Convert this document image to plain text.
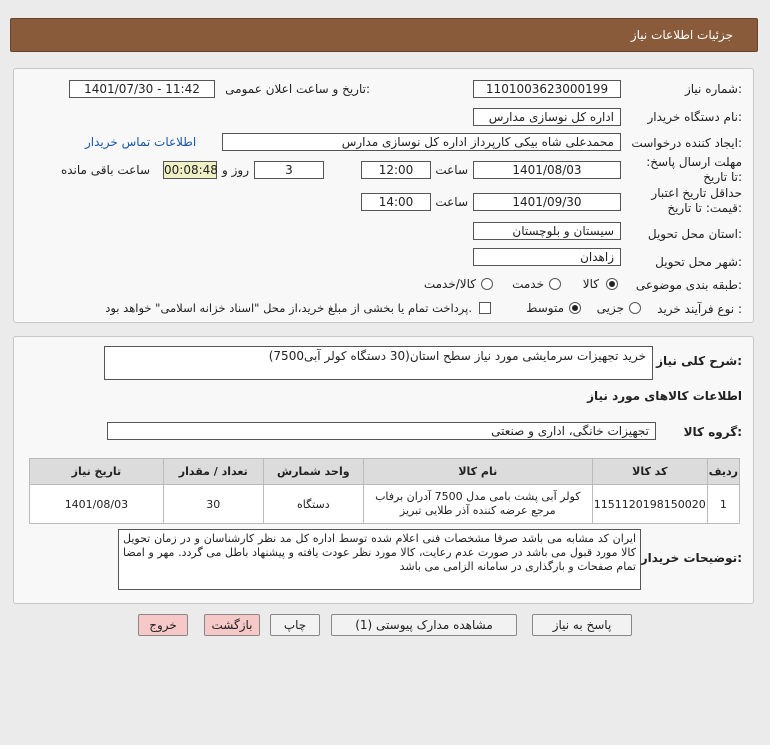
جزئیات اطلاعات نیاز
شماره نیاز:
1101003623000199
تاریخ و ساعت اعلان عمومی:
1401/07/30 - 11:42
نام دستگاه خریدار:
اداره کل نوسازی مدارس
ایجاد کننده درخواست:
محمدعلی شاه بیکی کارپرداز اداره کل نوسازی مدارس
اطلاعات تماس خریدار
مهلت ارسال پاسخ: تا تاریخ:
1401/08/03
ساعت
12:00
3
روز و
00:08:48
ساعت باقی مانده
حداقل تاریخ اعتبار قیمت: تا تاریخ:
1401/09/30
ساعت
14:00
استان محل تحویل:
سیستان و بلوچستان
شهر محل تحویل:
زاهدان
طبقه بندی موضوعی:
کالا
خدمت
کالا/خدمت
نوع فرآیند خرید :
جزیی
متوسط
پرداخت تمام یا بخشی از مبلغ خرید،از محل "اسناد خزانه اسلامی" خواهد بود.
شرح کلی نیاز:
خرید تجهیزات سرمایشی مورد نیاز سطح استان(30 دستگاه کولر آبی7500)
اطلاعات کالاهای مورد نیاز
گروه کالا:
تجهیزات خانگی، اداری و صنعتی
ردیف	کد کالا	نام کالا	واحد شمارش	تعداد / مقدار	تاریخ نیاز
1	1151120198150020	کولر آبی پشت بامی مدل 7500 آدران برفاب مرجع عرضه کننده آذر طلایی تبریز	دستگاه	30	1401/08/03
توضیحات خریدار:
ایران کد مشابه می باشد صرفا مشخصات فنی اعلام شده توسط اداره کل مد نظر کارشناسان و در زمان تحویل کالا مورد قبول می باشد در صورت عدم رعایت، کالا مورد نظر عودت یافته و پیشنهاد باطل می گردد. مهر و امضا تمام صفحات و بارگذاری در سامانه الزامی می باشد
پاسخ به نیاز
مشاهده مدارک پیوستی (1)
چاپ
بازگشت
خروج
